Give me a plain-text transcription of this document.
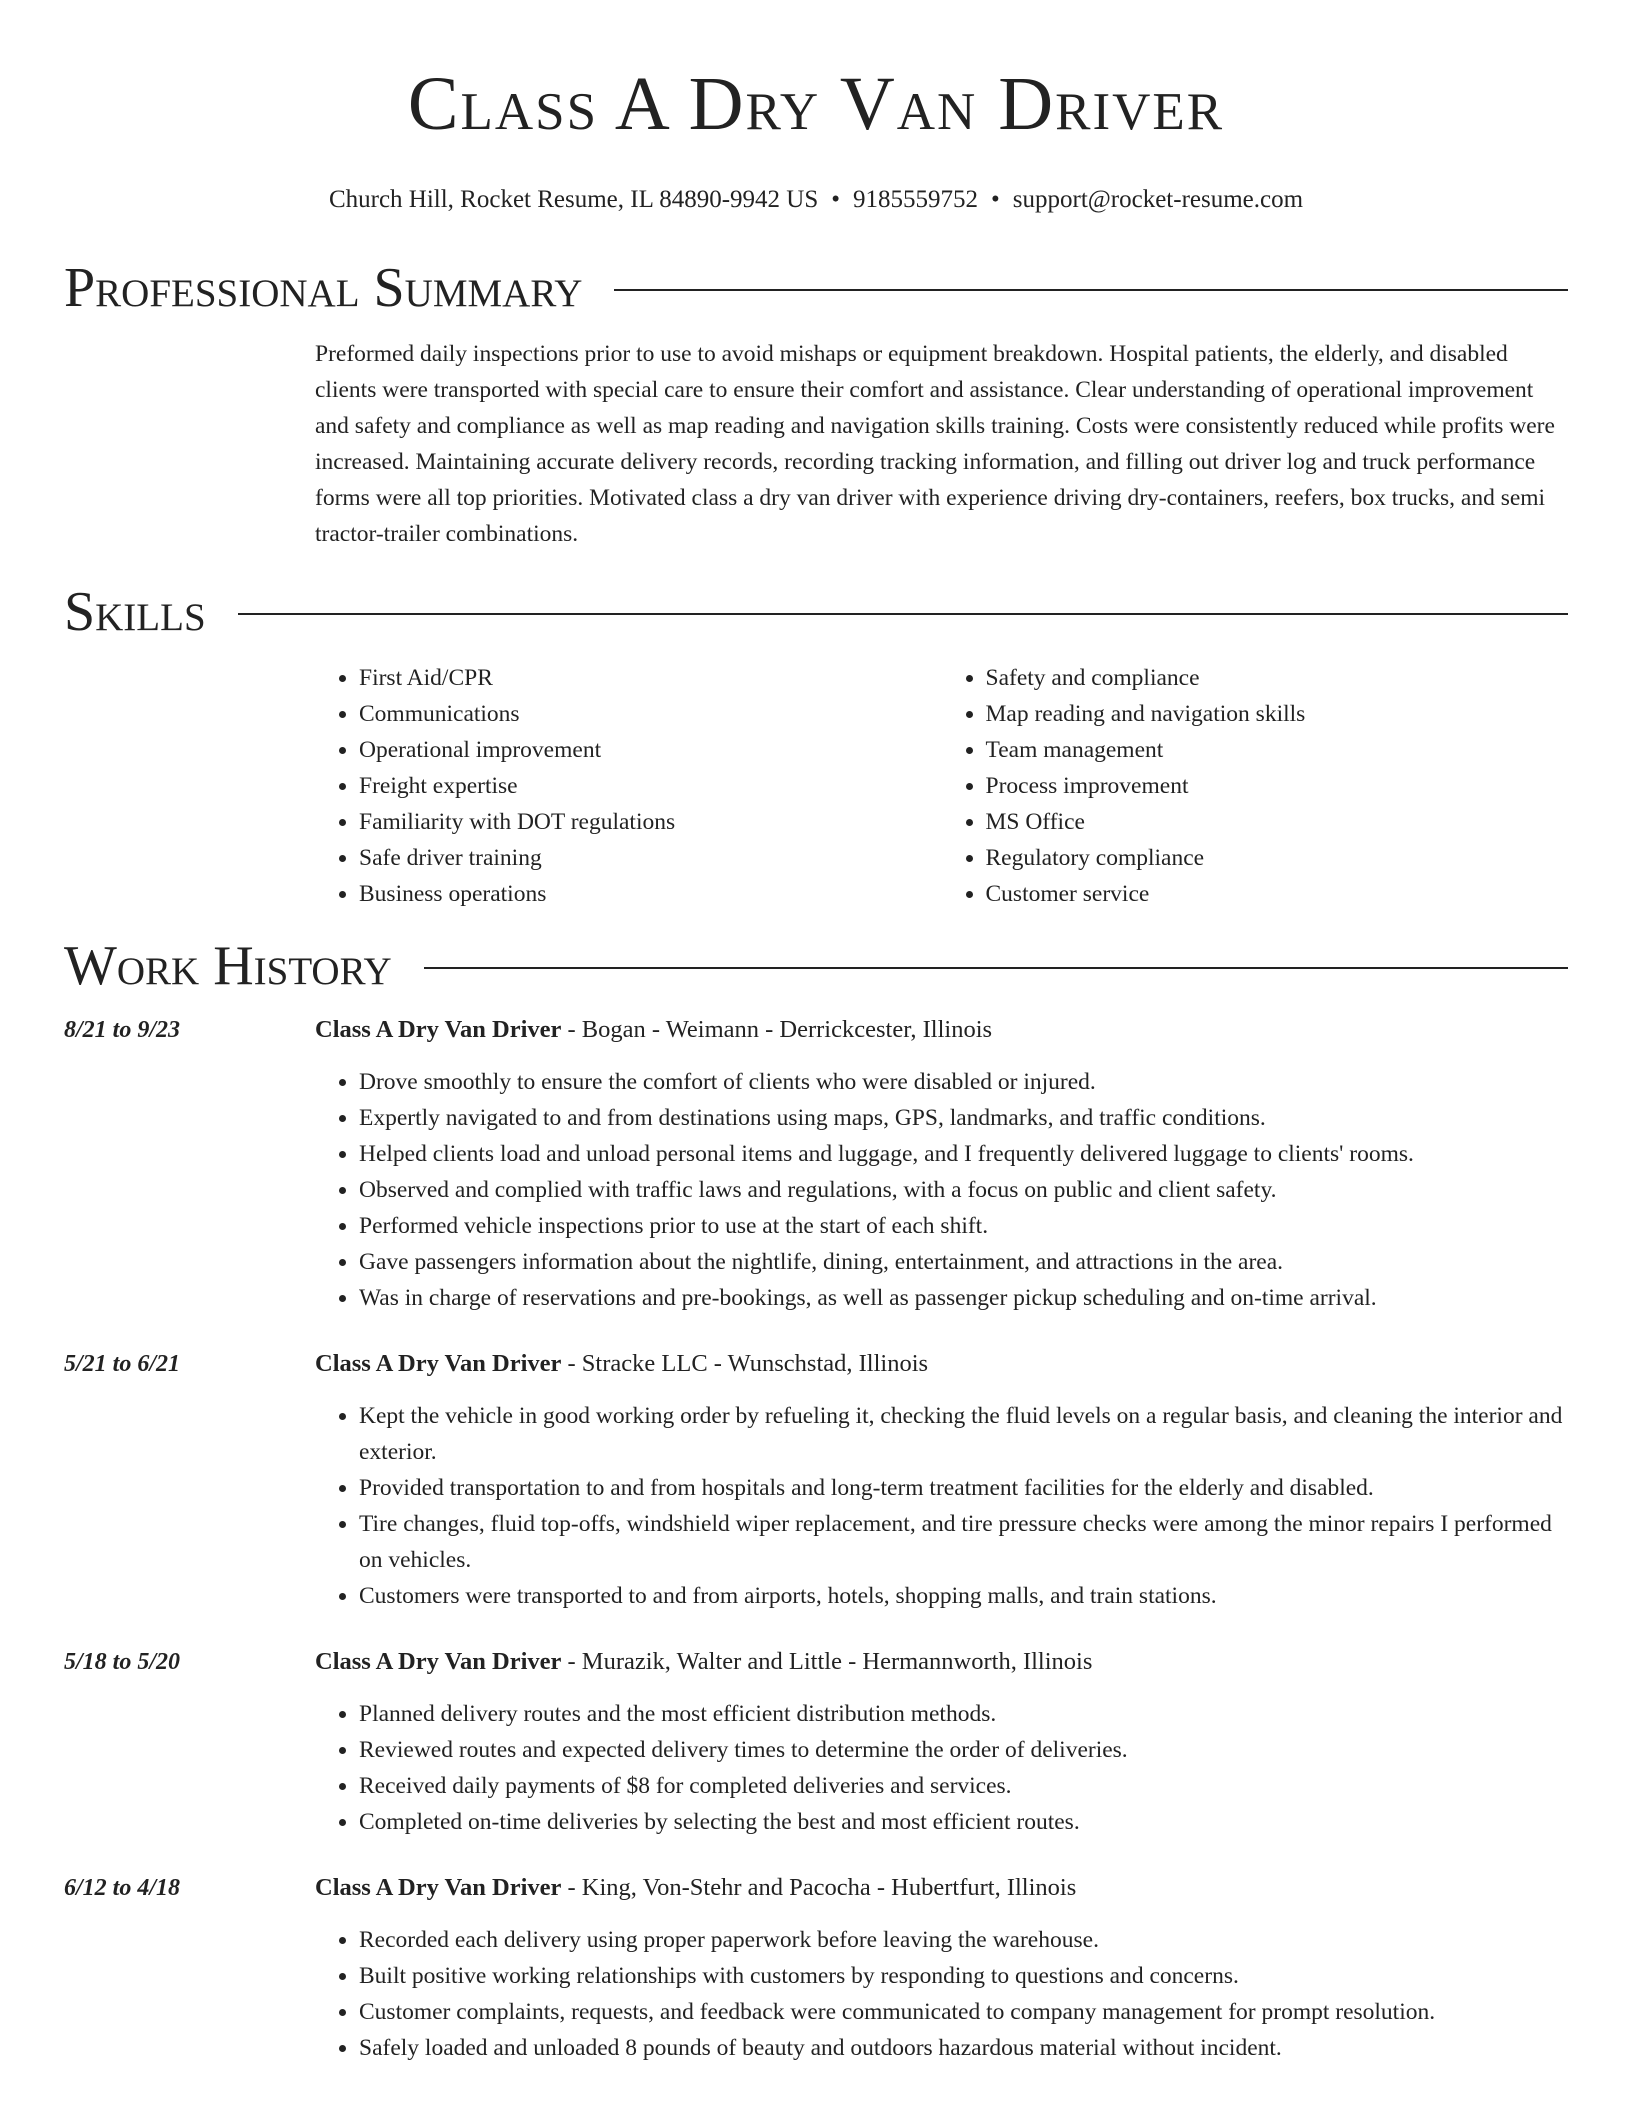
Class A Dry Van Driver
Church Hill, Rocket Resume, IL 84890-9942 US • 9185559752 • support@rocket-resume.com
Professional Summary
Preformed daily inspections prior to use to avoid mishaps or equipment breakdown. Hospital patients, the elderly, and disabled clients were transported with special care to ensure their comfort and assistance. Clear understanding of operational improvement and safety and compliance as well as map reading and navigation skills training. Costs were consistently reduced while profits were increased. Maintaining accurate delivery records, recording tracking information, and filling out driver log and truck performance forms were all top priorities. Motivated class a dry van driver with experience driving dry-containers, reefers, box trucks, and semi tractor-trailer combinations.
Skills
• First Aid/CPR
• Communications
• Operational improvement
• Freight expertise
• Familiarity with DOT regulations
• Safe driver training
• Business operations
• Safety and compliance
• Map reading and navigation skills
• Team management
• Process improvement
• MS Office
• Regulatory compliance
• Customer service
Work History
8/21 to 9/23	Class A Dry Van Driver - Bogan - Weimann - Derrickcester, Illinois
• Drove smoothly to ensure the comfort of clients who were disabled or injured.
• Expertly navigated to and from destinations using maps, GPS, landmarks, and traffic conditions.
• Helped clients load and unload personal items and luggage, and I frequently delivered luggage to clients' rooms.
• Observed and complied with traffic laws and regulations, with a focus on public and client safety.
• Performed vehicle inspections prior to use at the start of each shift.
• Gave passengers information about the nightlife, dining, entertainment, and attractions in the area.
• Was in charge of reservations and pre-bookings, as well as passenger pickup scheduling and on-time arrival.
5/21 to 6/21	Class A Dry Van Driver - Stracke LLC - Wunschstad, Illinois
• Kept the vehicle in good working order by refueling it, checking the fluid levels on a regular basis, and cleaning the interior and exterior.
• Provided transportation to and from hospitals and long-term treatment facilities for the elderly and disabled.
• Tire changes, fluid top-offs, windshield wiper replacement, and tire pressure checks were among the minor repairs I performed on vehicles.
• Customers were transported to and from airports, hotels, shopping malls, and train stations.
5/18 to 5/20	Class A Dry Van Driver - Murazik, Walter and Little - Hermannworth, Illinois
• Planned delivery routes and the most efficient distribution methods.
• Reviewed routes and expected delivery times to determine the order of deliveries.
• Received daily payments of $8 for completed deliveries and services.
• Completed on-time deliveries by selecting the best and most efficient routes.
6/12 to 4/18	Class A Dry Van Driver - King, Von-Stehr and Pacocha - Hubertfurt, Illinois
• Recorded each delivery using proper paperwork before leaving the warehouse.
• Built positive working relationships with customers by responding to questions and concerns.
• Customer complaints, requests, and feedback were communicated to company management for prompt resolution.
• Safely loaded and unloaded 8 pounds of beauty and outdoors hazardous material without incident.
